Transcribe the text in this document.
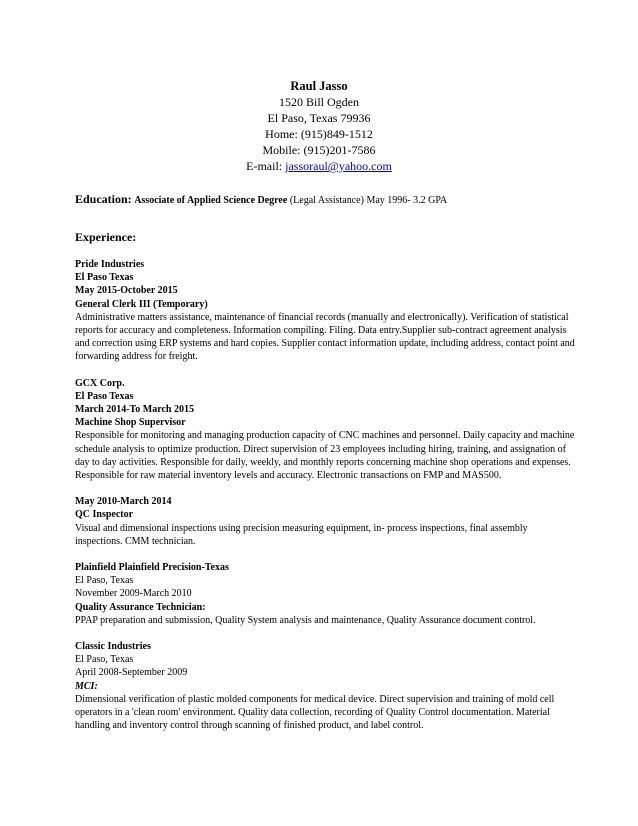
Raul Jasso
1520 Bill Ogden
El Paso, Texas 79936
Home: (915)849-1512
Mobile: (915)201-7586
E-mail: jassoraul@yahoo.com
Education: Associate of Applied Science Degree (Legal Assistance) May 1996- 3.2 GPA
Experience:
Pride Industries
El Paso Texas
May 2015-October 2015
General Clerk III (Temporary)
Administrative matters assistance, maintenance of financial records (manually and electronically). Verification of statistical reports for accuracy and completeness. Information compiling. Filing. Data entry.Supplier sub-contract agreement analysis and correction using ERP systems and hard copies. Supplier contact information update, including address, contact point and forwarding address for freight.
GCX Corp.
El Paso Texas
March 2014-To March 2015
Machine Shop Supervisor
Responsible for monitoring and managing production capacity of CNC machines and personnel. Daily capacity and machine schedule analysis to optimize production. Direct supervision of 23 employees including hiring, training, and assignation of day to day activities. Responsible for daily, weekly, and monthly reports concerning machine shop operations and expenses. Responsible for raw material inventory levels and accuracy. Electronic transactions on FMP and MAS500.
May 2010-March 2014
QC Inspector
Visual and dimensional inspections using precision measuring equipment, in- process inspections, final assembly inspections. CMM technician.
Plainfield Plainfield Precision-Texas
El Paso, Texas
November 2009-March 2010
Quality Assurance Technician:
PPAP preparation and submission, Quality System analysis and maintenance, Quality Assurance document control.
Classic Industries
El Paso, Texas
April 2008-September 2009
MCI:
Dimensional verification of plastic molded components for medical device. Direct supervision and training of mold cell operators in a 'clean room' environment. Quality data collection, recording of Quality Control documentation. Material handling and inventory control through scanning of finished product, and label control.
